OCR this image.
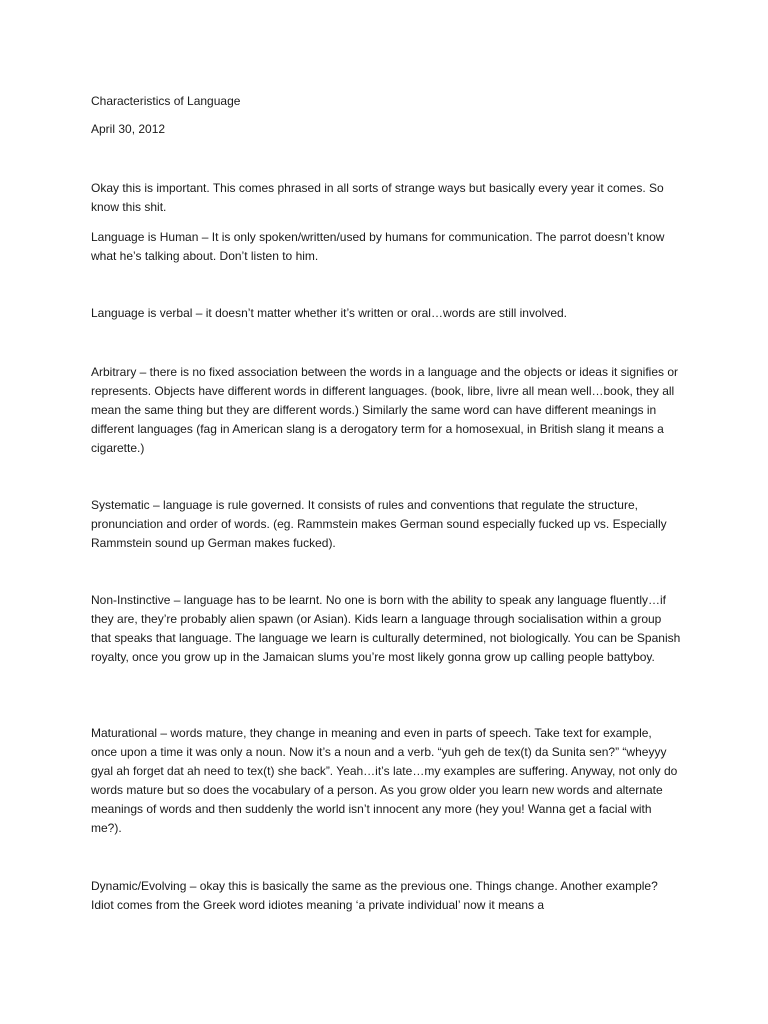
Characteristics of Language

April 30, 2012

Okay this is important. This comes phrased in all sorts of strange ways but basically every year it comes. So know this shit.

Language is Human – It is only spoken/written/used by humans for communication. The parrot doesn’t know what he’s talking about. Don’t listen to him.

Language is verbal – it doesn’t matter whether it’s written or oral…words are still involved.

Arbitrary – there is no fixed association between the words in a language and the objects or ideas it signifies or represents. Objects have different words in different languages. (book, libre, livre all mean well…book, they all mean the same thing but they are different words.) Similarly the same word can have different meanings in different languages (fag in American slang is a derogatory term for a homosexual, in British slang it means a cigarette.)

Systematic – language is rule governed. It consists of rules and conventions that regulate the structure, pronunciation and order of words. (eg. Rammstein makes German sound especially fucked up vs. Especially Rammstein sound up German makes fucked).

Non-Instinctive – language has to be learnt. No one is born with the ability to speak any language fluently…if they are, they’re probably alien spawn (or Asian). Kids learn a language through socialisation within a group that speaks that language. The language we learn is culturally determined, not biologically. You can be Spanish royalty, once you grow up in the Jamaican slums you’re most likely gonna grow up calling people battyboy.

Maturational – words mature, they change in meaning and even in parts of speech. Take text for example, once upon a time it was only a noun. Now it’s a noun and a verb. “yuh geh de tex(t) da Sunita sen?” “wheyyy gyal ah forget dat ah need to tex(t) she back”. Yeah…it’s late…my examples are suffering. Anyway, not only do words mature but so does the vocabulary of a person. As you grow older you learn new words and alternate meanings of words and then suddenly the world isn’t innocent any more (hey you! Wanna get a facial with me?).

Dynamic/Evolving – okay this is basically the same as the previous one. Things change. Another example? Idiot comes from the Greek word idiotes meaning ‘a private individual’ now it means a
